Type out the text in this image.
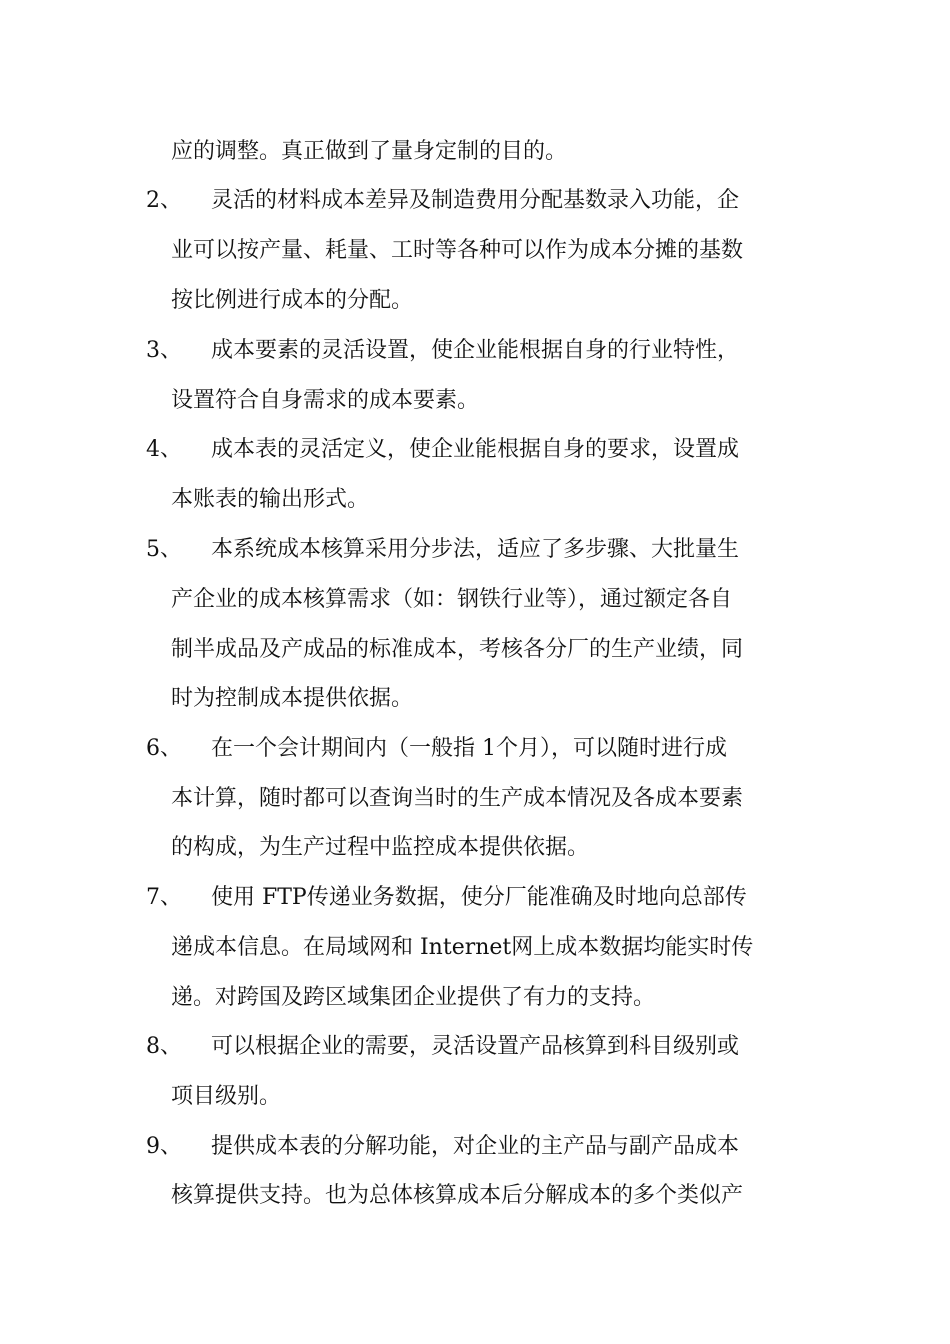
应的调整。真正做到了量身定制的目的。
2、 灵活的材料成本差异及制造费用分配基数录入功能，企
业可以按产量、耗量、工时等各种可以作为成本分摊的基数
按比例进行成本的分配。
3、 成本要素的灵活设置，使企业能根据自身的行业特性，
设置符合自身需求的成本要素。
4、 成本表的灵活定义，使企业能根据自身的要求，设置成
本账表的输出形式。
5、 本系统成本核算采用分步法，适应了多步骤、大批量生
产企业的成本核算需求（如：钢铁行业等），通过额定各自
制半成品及产成品的标准成本，考核各分厂的生产业绩，同
时为控制成本提供依据。
6、 在一个会计期间内（一般指 1个月），可以随时进行成
本计算，随时都可以查询当时的生产成本情况及各成本要素
的构成，为生产过程中监控成本提供依据。
7、 使用 FTP传递业务数据，使分厂能准确及时地向总部传
递成本信息。在局域网和 Internet网上成本数据均能实时传
递。对跨国及跨区域集团企业提供了有力的支持。
8、 可以根据企业的需要，灵活设置产品核算到科目级别或
项目级别。
9、 提供成本表的分解功能，对企业的主产品与副产品成本
核算提供支持。也为总体核算成本后分解成本的多个类似产
